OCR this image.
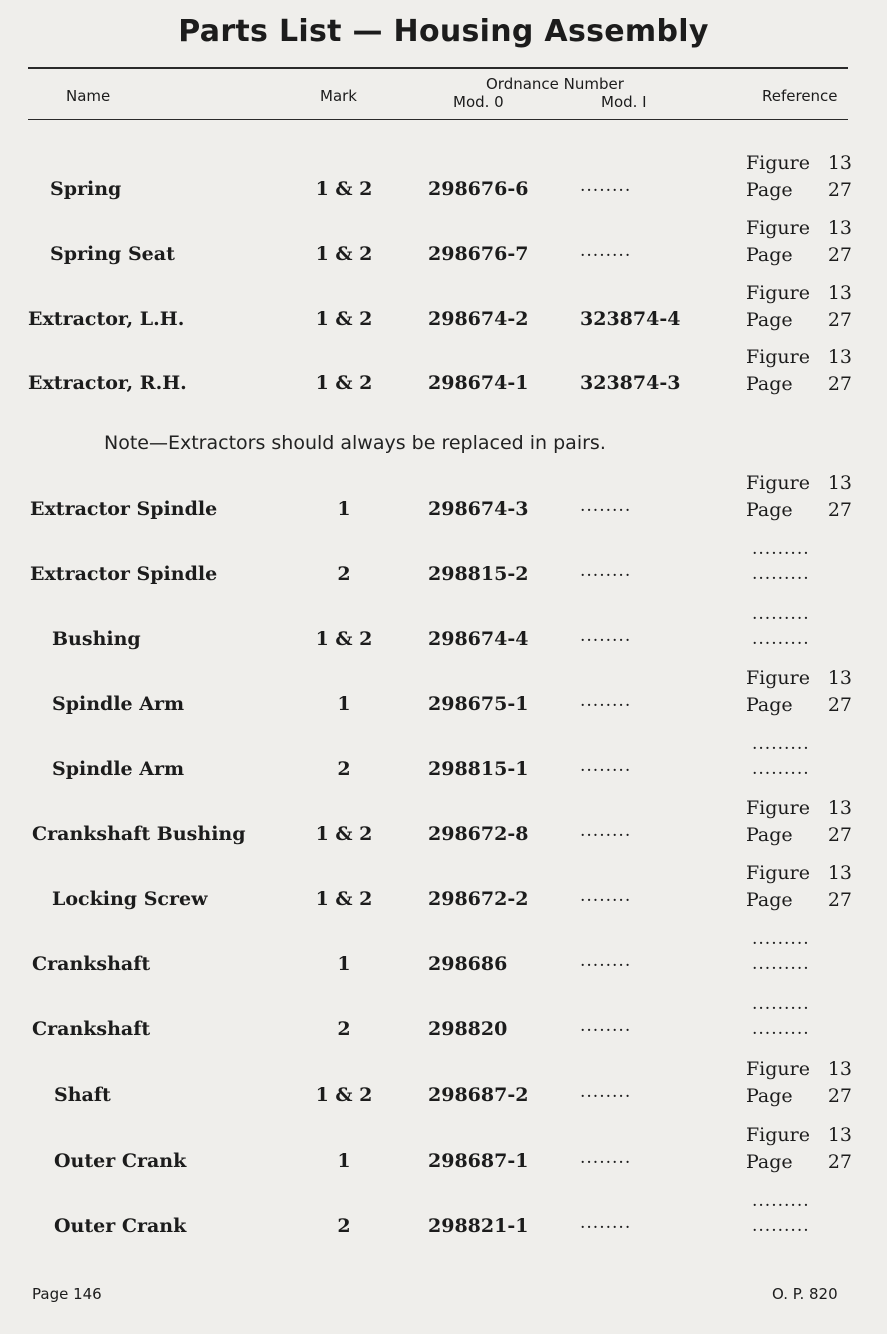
Parts List — Housing Assembly
Name	Mark
Ordnance Number
Mod. 0	Mod. I	Reference
Spring	1 & 2	298676-6	........
Figure 13
Page 27
Spring Seat	1 & 2	298676-7	........
Figure 13
Page 27
Extractor, L.H.	1 & 2	298674-2	323874-4
Figure 13
Page 27
Extractor, R.H.	1 & 2	298674-1	323874-3
Figure 13
Page 27
Extractor Spindle	1	298674-3	........
Figure 13
Page 27
Extractor Spindle	2	298815-2	........
.........
.........
Bushing	1 & 2	298674-4	........
.........
.........
Spindle Arm	1	298675-1	........
Figure 13
Page 27
Spindle Arm	2	298815-1	........
.........
.........
Crankshaft Bushing	1 & 2	298672-8	........
Figure 13
Page 27
Locking Screw	1 & 2	298672-2	........
Figure 13
Page 27
Crankshaft	1	298686	........
.........
.........
Crankshaft	2	298820	........
.........
.........
Shaft	1 & 2	298687-2	........
Figure 13
Page 27
Outer Crank	1	298687-1	........
Figure 13
Page 27
Outer Crank	2	298821-1	........
.........
.........
Note—Extractors should always be replaced in pairs.
Page 146	O. P. 820
